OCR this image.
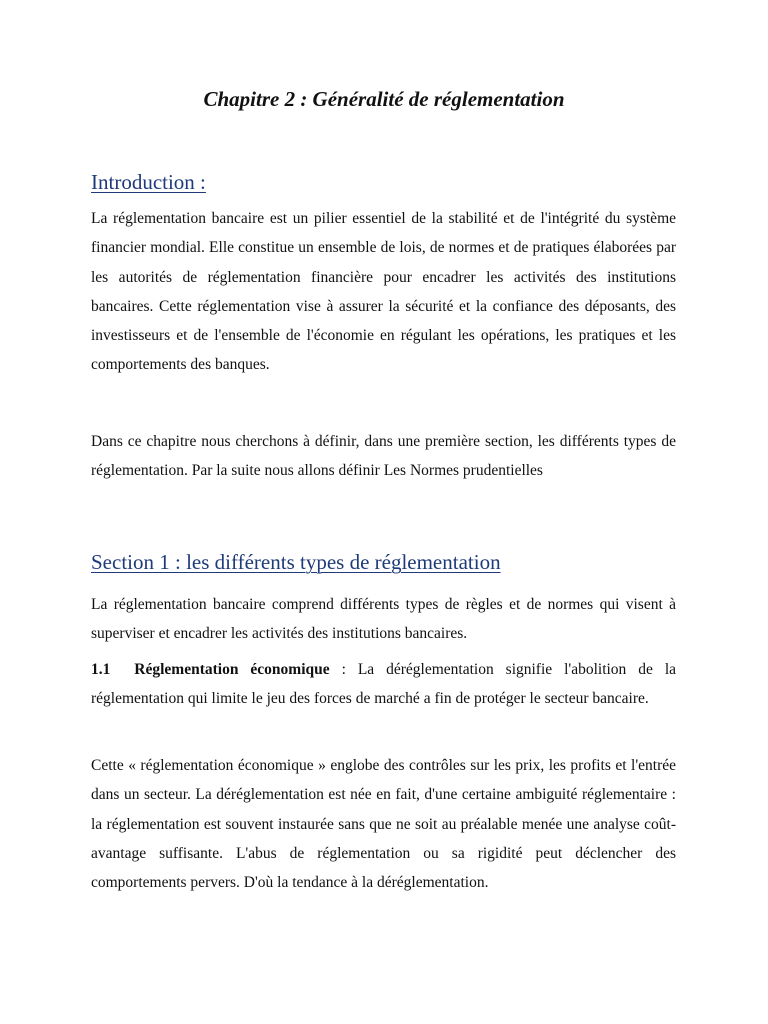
Chapitre 2 : Généralité de réglementation
Introduction :

La réglementation bancaire est un pilier essentiel de la stabilité et de l'intégrité du système financier mondial. Elle constitue un ensemble de lois, de normes et de pratiques élaborées par les autorités de réglementation financière pour encadrer les activités des institutions bancaires. Cette réglementation vise à assurer la sécurité et la confiance des déposants, des investisseurs et de l'ensemble de l'économie en régulant les opérations, les pratiques et les comportements des banques.

Dans ce chapitre nous cherchons à définir, dans une première section, les différents types de réglementation. Par la suite nous allons définir Les Normes prudentielles

Section 1 : les différents types de réglementation

La réglementation bancaire comprend différents types de règles et de normes qui visent à superviser et encadrer les activités des institutions bancaires.

1.1 Réglementation économique : La déréglementation signifie l'abolition de la réglementation qui limite le jeu des forces de marché a fin de protéger le secteur bancaire.

Cette « réglementation économique » englobe des contrôles sur les prix, les profits et l'entrée dans un secteur. La déréglementation est née en fait, d'une certaine ambiguité réglementaire : la réglementation est souvent instaurée sans que ne soit au préalable menée une analyse coût-avantage suffisante. L'abus de réglementation ou sa rigidité peut déclencher des comportements pervers. D'où la tendance à la déréglementation.
